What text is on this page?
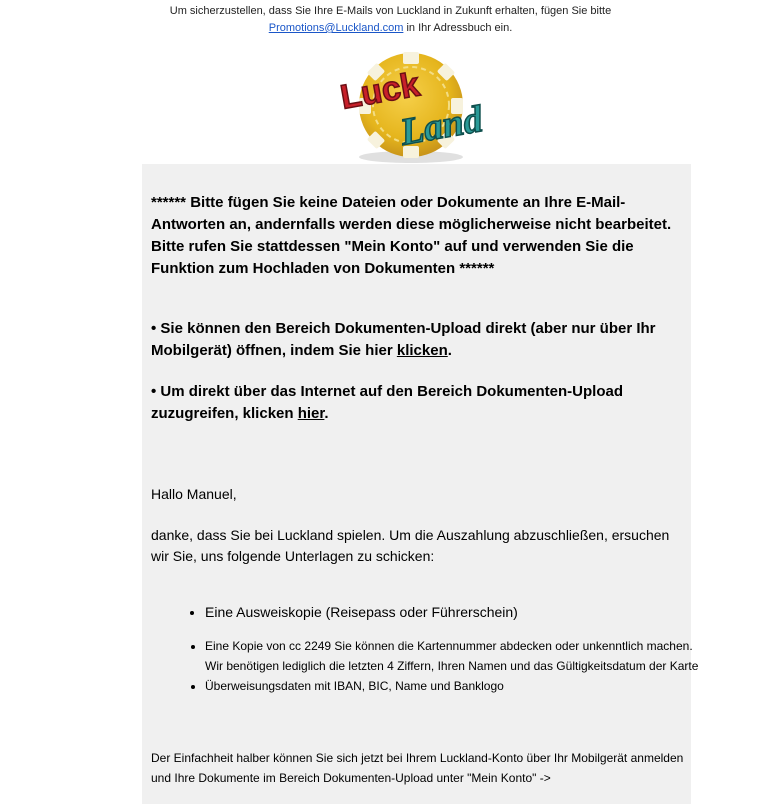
Um sicherzustellen, dass Sie Ihre E-Mails von Luckland in Zukunft erhalten, fügen Sie bitte
Promotions@Luckland.com in Ihr Adressbuch ein.
Luck
Land
****** Bitte fügen Sie keine Dateien oder Dokumente an Ihre E-Mail-Antworten an, andernfalls werden diese möglicherweise nicht bearbeitet. Bitte rufen Sie stattdessen "Mein Konto" auf und verwenden Sie die Funktion zum Hochladen von Dokumenten ******
• Sie können den Bereich Dokumenten-Upload direkt (aber nur über Ihr Mobilgerät) öffnen, indem Sie hier klicken.
• Um direkt über das Internet auf den Bereich Dokumenten-Upload zuzugreifen, klicken hier.
Hallo Manuel,
danke, dass Sie bei Luckland spielen. Um die Auszahlung abzuschließen, ersuchen wir Sie, uns folgende Unterlagen zu schicken:
• Eine Ausweiskopie (Reisepass oder Führerschein)
• Eine Kopie von cc 2249 Sie können die Kartennummer abdecken oder unkenntlich machen. Wir benötigen lediglich die letzten 4 Ziffern, Ihren Namen und das Gültigkeitsdatum der Karte
• Überweisungsdaten mit IBAN, BIC, Name und Banklogo
Der Einfachheit halber können Sie sich jetzt bei Ihrem Luckland-Konto über Ihr Mobilgerät anmelden und Ihre Dokumente im Bereich Dokumenten-Upload unter "Mein Konto" ->
